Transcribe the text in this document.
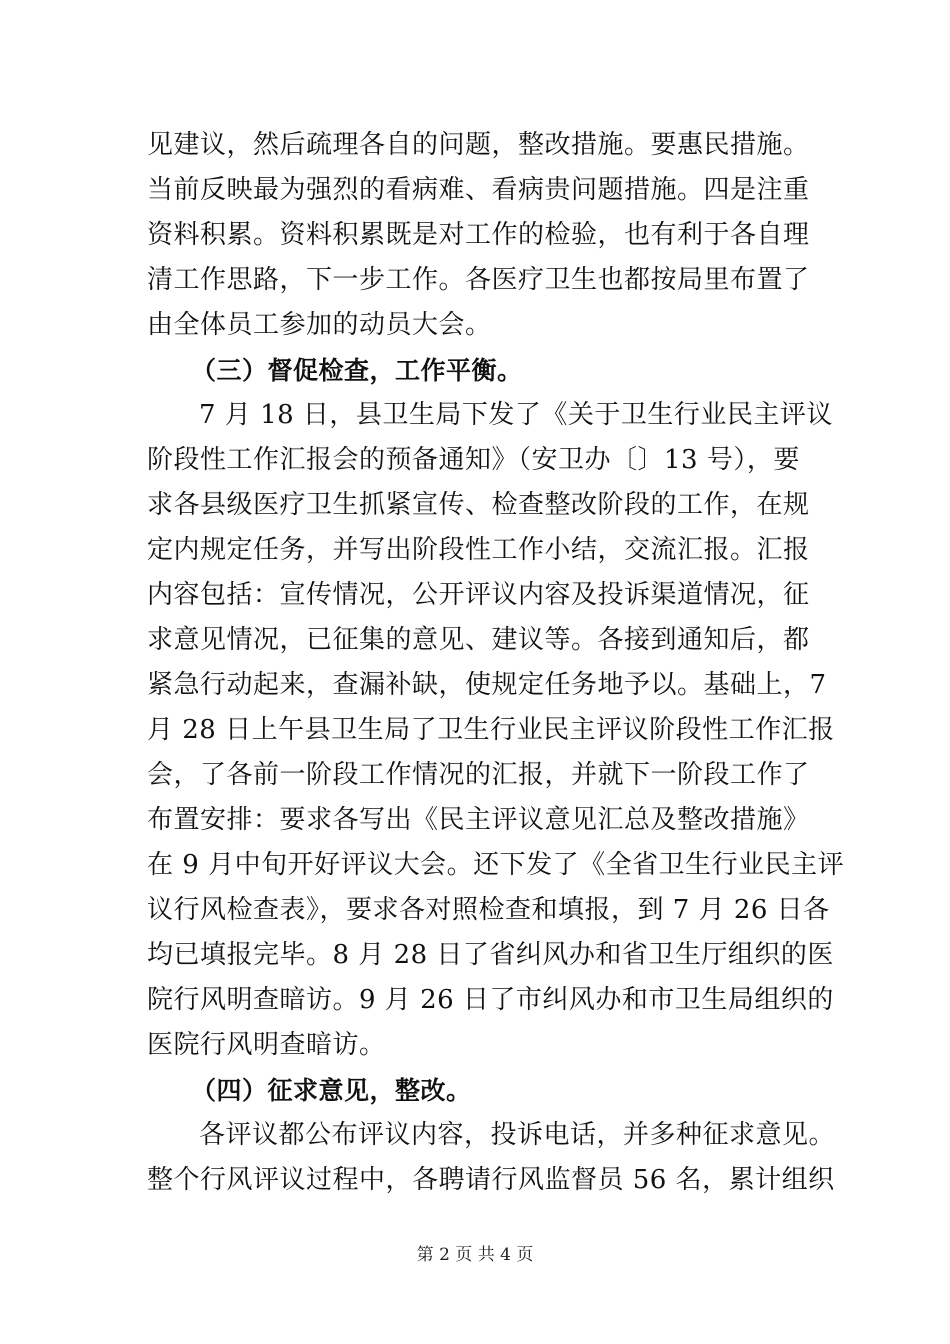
见建议，然后疏理各自的问题，整改措施。要惠民措施。
当前反映最为强烈的看病难、看病贵问题措施。四是注重
资料积累。资料积累既是对工作的检验，也有利于各自理
清工作思路，下一步工作。各医疗卫生也都按局里布置了
由全体员工参加的动员大会。
（三）督促检查，工作平衡。
7 月 18 日，县卫生局下发了《关于卫生行业民主评议
阶段性工作汇报会的预备通知》（安卫办〔〕13 号），要
求各县级医疗卫生抓紧宣传、检查整改阶段的工作，在规
定内规定任务，并写出阶段性工作小结，交流汇报。汇报
内容包括：宣传情况，公开评议内容及投诉渠道情况，征
求意见情况，已征集的意见、建议等。各接到通知后，都
紧急行动起来，查漏补缺，使规定任务地予以。基础上，7
月 28 日上午县卫生局了卫生行业民主评议阶段性工作汇报
会，了各前一阶段工作情况的汇报，并就下一阶段工作了
布置安排：要求各写出《民主评议意见汇总及整改措施》
在 9 月中旬开好评议大会。还下发了《全省卫生行业民主评
议行风检查表》，要求各对照检查和填报，到 7 月 26 日各
均已填报完毕。8 月 28 日了省纠风办和省卫生厅组织的医
院行风明查暗访。9 月 26 日了市纠风办和市卫生局组织的
医院行风明查暗访。
（四）征求意见，整改。
各评议都公布评议内容，投诉电话，并多种征求意见。
整个行风评议过程中，各聘请行风监督员 56 名，累计组织
第 2 页 共 4 页
